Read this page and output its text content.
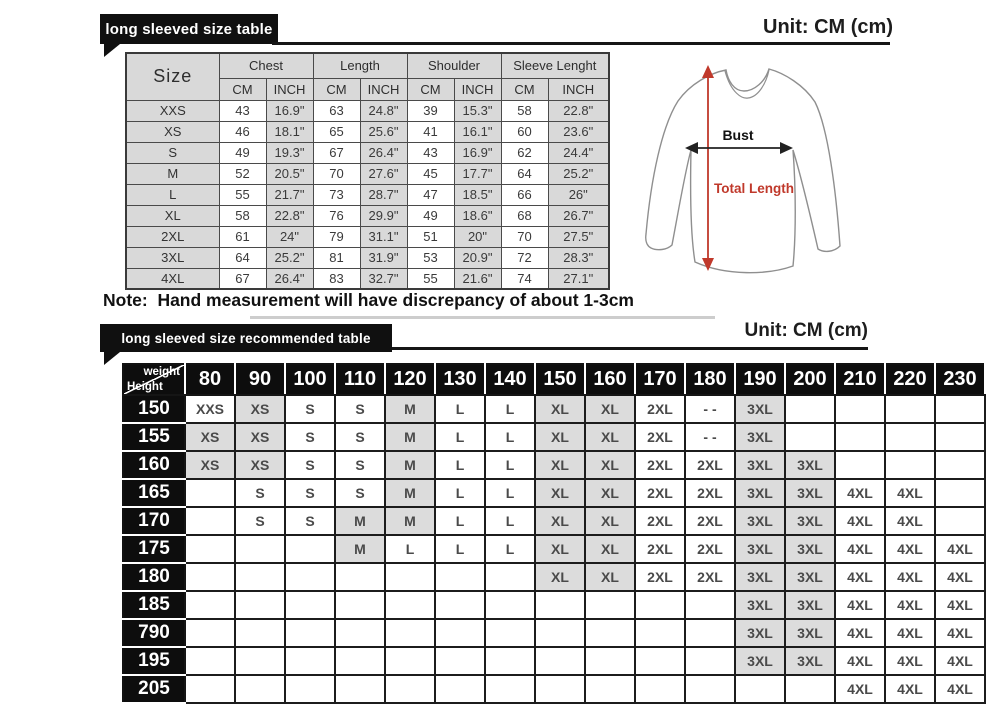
long sleeved size table	Unit: CM (cm)
Size	Chest		Length		Shoulder		Sleeve Lenght	
	CM	INCH	CM	INCH	CM	INCH	CM	INCH
XXS	43	16.9"	63	24.8"	39	15.3"	58	22.8"
XS	46	18.1"	65	25.6"	41	16.1"	60	23.6"
S	49	19.3"	67	26.4"	43	16.9"	62	24.4"
M	52	20.5"	70	27.6"	45	17.7"	64	25.2"
L	55	21.7"	73	28.7"	47	18.5"	66	26"
XL	58	22.8"	76	29.9"	49	18.6"	68	26.7"
2XL	61	24"	79	31.1"	51	20"	70	27.5"
3XL	64	25.2"	81	31.9"	53	20.9"	72	28.3"
4XL	67	26.4"	83	32.7"	55	21.6"	74	27.1"
Note:  Hand measurement will have discrepancy of about 1-3cm
Bust
Total Length
long sleeved size recommended table	Unit: CM (cm)
weight
Height	80	90	100	110	120	130	140	150	160	170	180	190	200	210	220	230
150	XXS	XS	S	S	M	L	L	XL	XL	2XL	- -	3XL				
155	XS	XS	S	S	M	L	L	XL	XL	2XL	- -	3XL				
160	XS	XS	S	S	M	L	L	XL	XL	2XL	2XL	3XL	3XL			
165		S	S	S	M	L	L	XL	XL	2XL	2XL	3XL	3XL	4XL	4XL	
170		S	S	M	M	L	L	XL	XL	2XL	2XL	3XL	3XL	4XL	4XL	
175				M	L	L	L	XL	XL	2XL	2XL	3XL	3XL	4XL	4XL	4XL
180								XL	XL	2XL	2XL	3XL	3XL	4XL	4XL	4XL
185												3XL	3XL	4XL	4XL	4XL
790												3XL	3XL	4XL	4XL	4XL
195												3XL	3XL	4XL	4XL	4XL
205														4XL	4XL	4XL
